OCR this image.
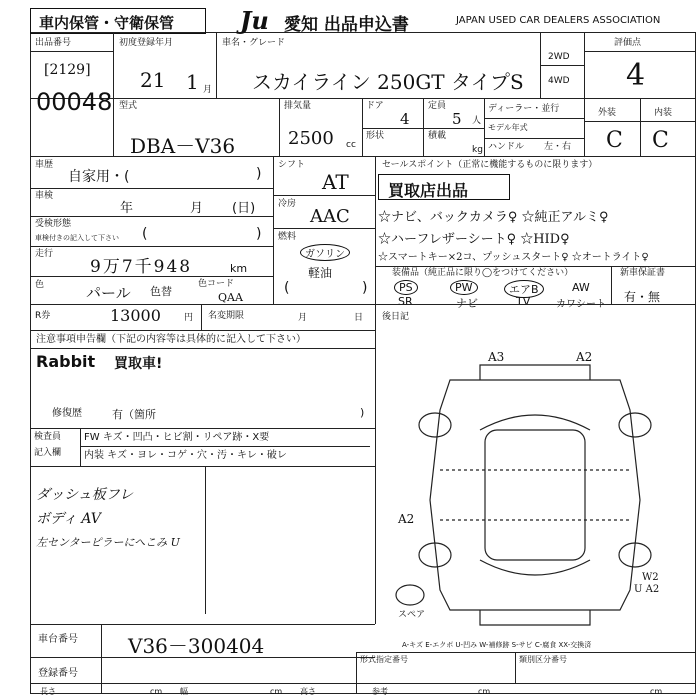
車内保管・守衛保管	Ju 愛知 出品申込書	JAPAN USED CAR DEALERS ASSOCIATION
出品番号
[2129]
00048
初度登録年月
21 1 月
車名・グレード
スカイライン 250GT タイプS
2WD
4WD
評価点
4
型式
DBA－V36
排気量
2500 cc
ドア
4
定員
5 人
形状	積載
kg
ディーラー・並行
モデル年式
ハンドル 左・右
外装	内装
C C
車歴
自家用・(	)
車検
年	月 (日)
受検形態
車検付きの記入して下さい (	)
走行
9万7千948	km
色	パール 色替
色コード
QAA
シフト
AT
冷房
AAC
燃料
ガソリン
軽油
(	)
セールスポイント（正常に機能するものに限ります）
買取店出品
☆ナビ、バックカメラ♀ ☆純正アルミ♀
☆ハーフレザーシート♀ ☆HID♀
☆スマートキー×2コ、プッシュスタート♀ ☆オートライト♀
装備品（純正品に限り◯をつけてください）
PS	PW	エアB	AW
SR	ナビ	TV	カワシート
新車保証書
有・無
R券	13000	円 名変期限	月	日 後日記
注意事項申告欄（下記の内容等は具体的に記入して下さい）
Rabbit 買取車!
修復歴	有（箇所	)
検査員
記入欄
FW キズ・凹凸・ヒビ割・リペア跡・X要
内装 キズ・ヨレ・コゲ・穴・汚・キレ・破レ
ダッシュ板フレ
ボディ AV
左センターピラーにへこみ U
A3	A2
A2
W2
U A2
スペア
A-キズ E-エクボ U-凹み W-補修跡 S-サビ C-腐食 XX-交換済
車台番号	V36－300404
登録番号
形式指定番号	類別区分番号
長さ	cm 幅	cm 高さ	参考	cm	cm
